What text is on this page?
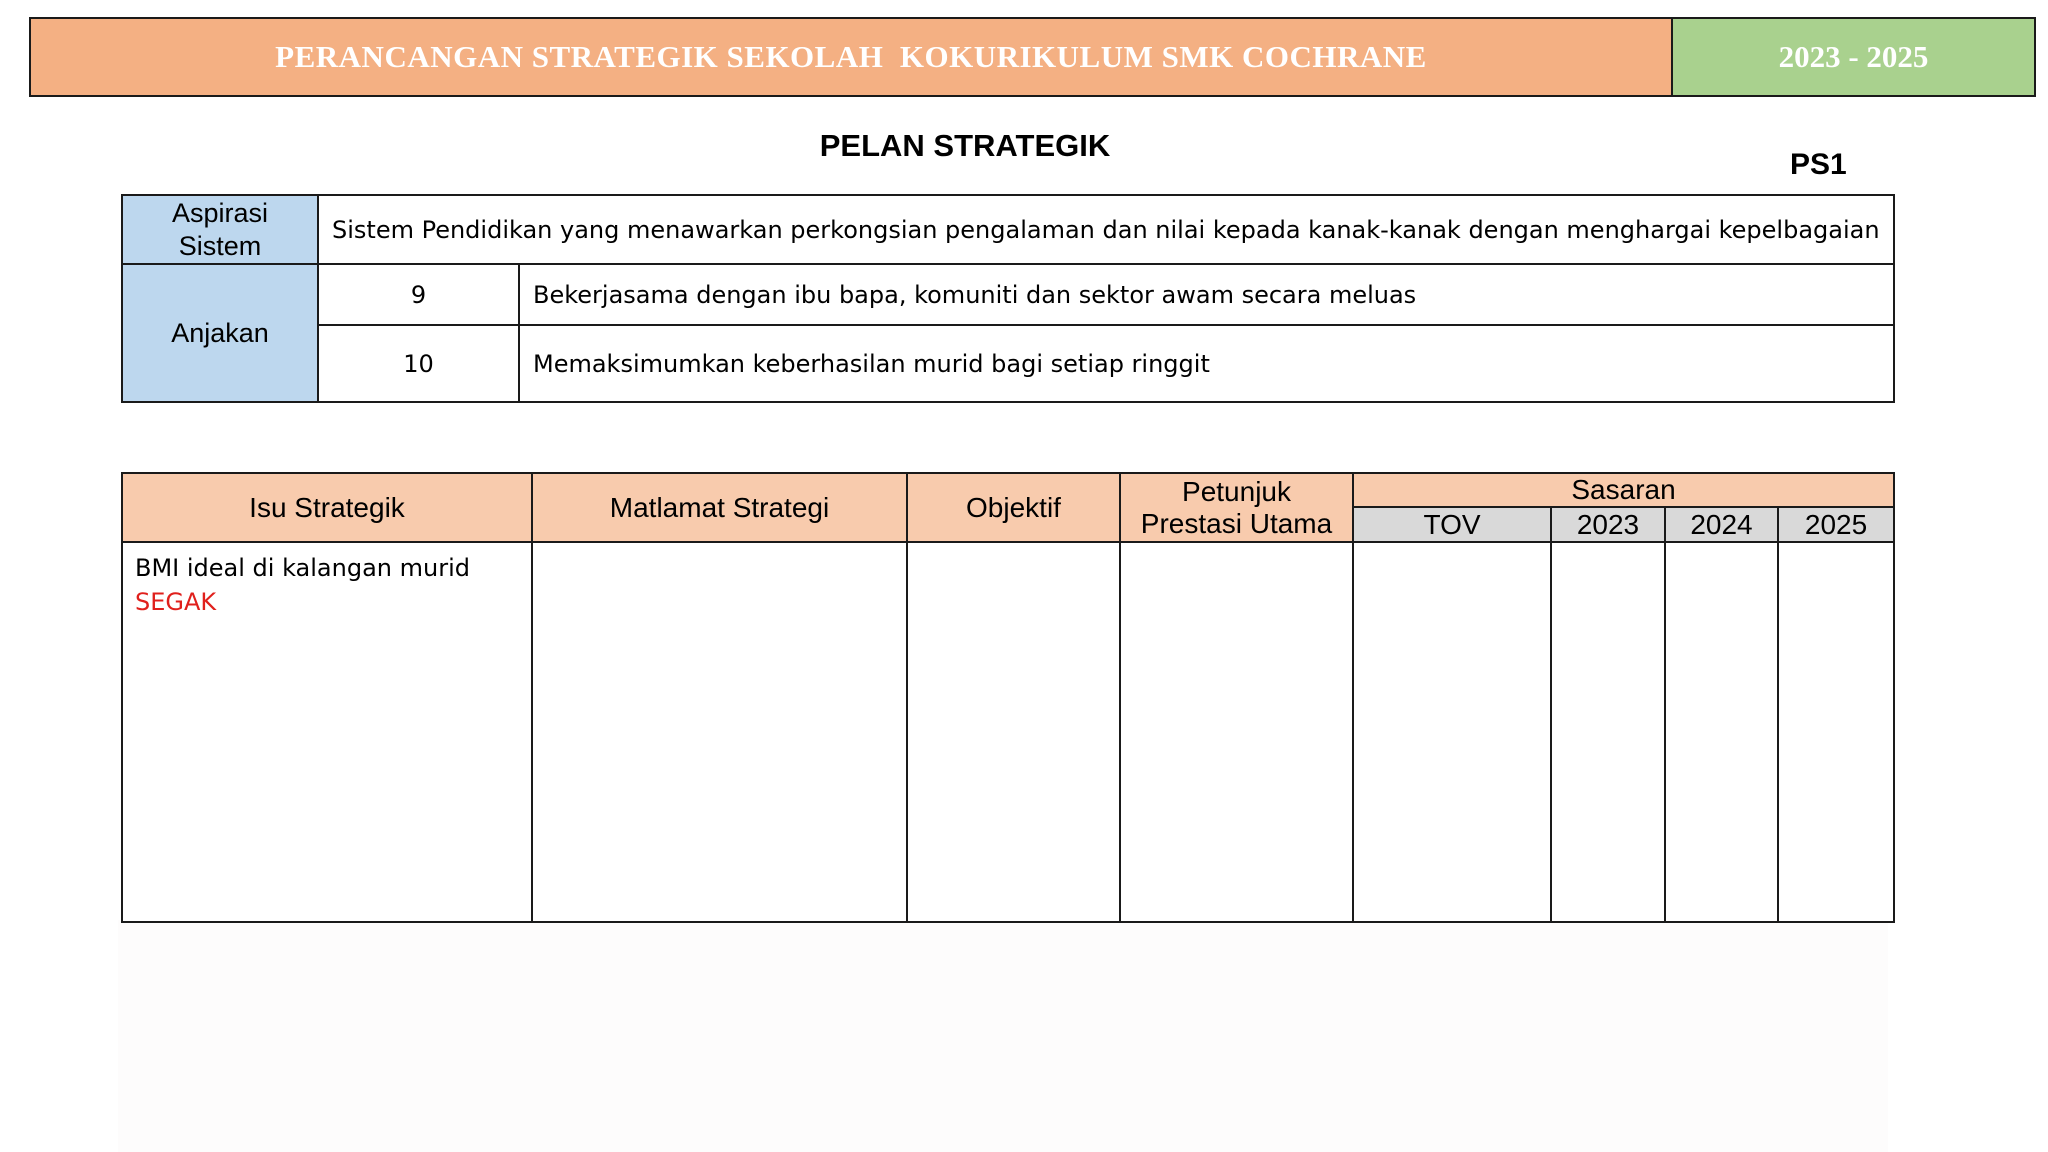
PERANCANGAN STRATEGIK SEKOLAH  KOKURIKULUM SMK COCHRANE	2023 - 2025
PELAN STRATEGIK
PS1
Aspirasi Sistem	Sistem Pendidikan yang menawarkan perkongsian pengalaman dan nilai kepada kanak-kanak dengan menghargai kepelbagaian	
Anjakan	9	Bekerjasama dengan ibu bapa, komuniti dan sektor awam secara meluas
	10	Memaksimumkan keberhasilan murid bagi setiap ringgit
Isu Strategik	Matlamat Strategi	Objektif	Petunjuk Prestasi Utama	Sasaran			
				TOV	2023	2024	2025

BMI ideal di kalangan murid
SEGAK							
